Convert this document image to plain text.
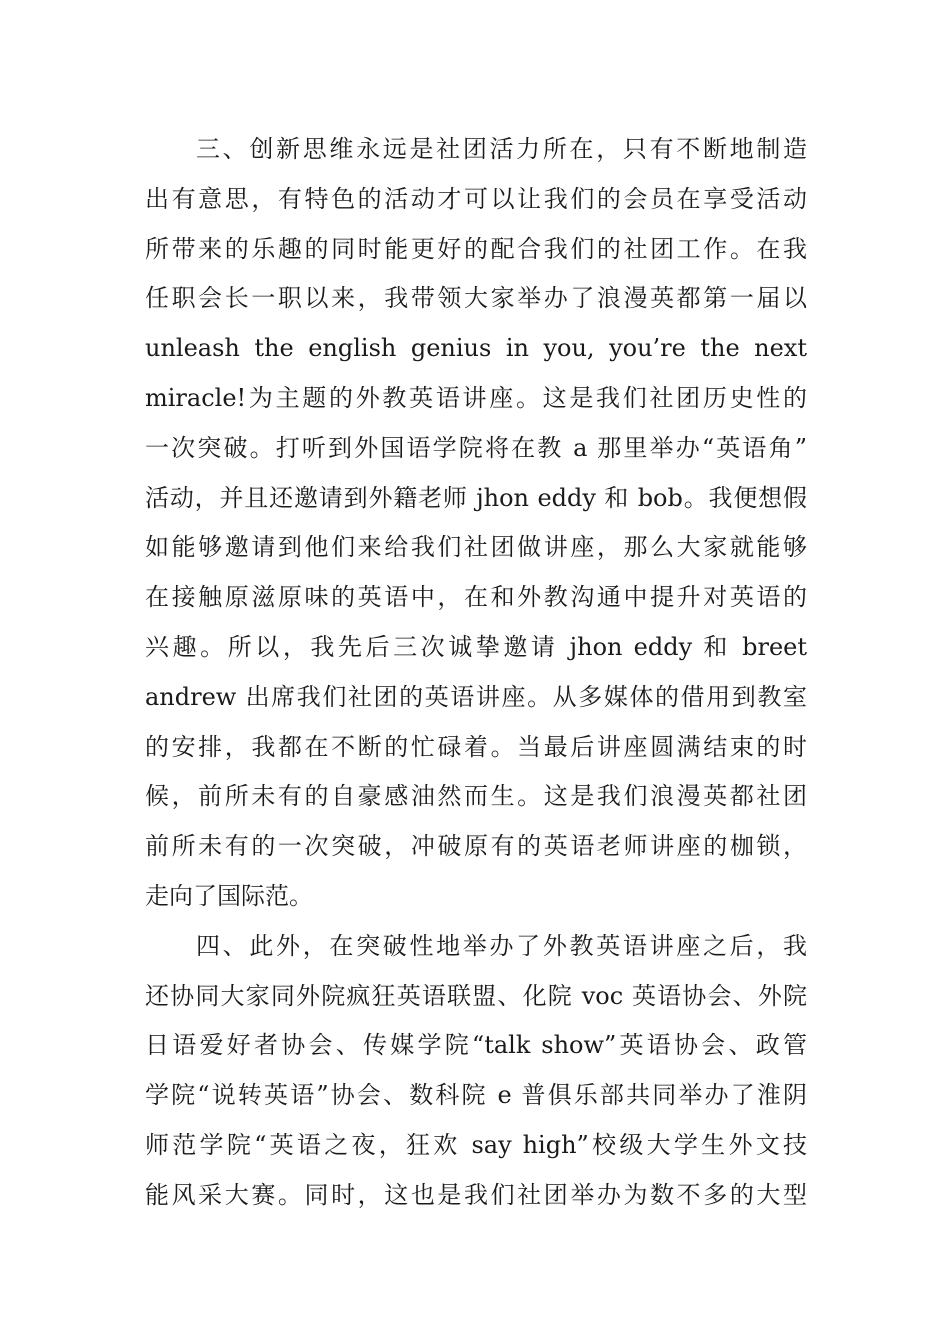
三、创新思维永远是社团活力所在，只有不断地制造
出有意思，有特色的活动才可以让我们的会员在享受活动
所带来的乐趣的同时能更好的配合我们的社团工作。在我
任职会长一职以来，我带领大家举办了浪漫英都第一届以
unleash the english genius in you, you’re the next
miracle!为主题的外教英语讲座。这是我们社团历史性的
一次突破。打听到外国语学院将在教 a 那里举办“英语角”
活动，并且还邀请到外籍老师 jhon eddy 和 bob。我便想假
如能够邀请到他们来给我们社团做讲座，那么大家就能够
在接触原滋原味的英语中，在和外教沟通中提升对英语的
兴趣。所以，我先后三次诚挚邀请 jhon eddy 和 breet
andrew 出席我们社团的英语讲座。从多媒体的借用到教室
的安排，我都在不断的忙碌着。当最后讲座圆满结束的时
候，前所未有的自豪感油然而生。这是我们浪漫英都社团
前所未有的一次突破，冲破原有的英语老师讲座的枷锁，
走向了国际范。
四、此外，在突破性地举办了外教英语讲座之后，我
还协同大家同外院疯狂英语联盟、化院 voc 英语协会、外院
日语爱好者协会、传媒学院“talk show”英语协会、政管
学院“说转英语”协会、数科院 e 普俱乐部共同举办了淮阴
师范学院“英语之夜，狂欢 say high”校级大学生外文技
能风采大赛。同时，这也是我们社团举办为数不多的大型
